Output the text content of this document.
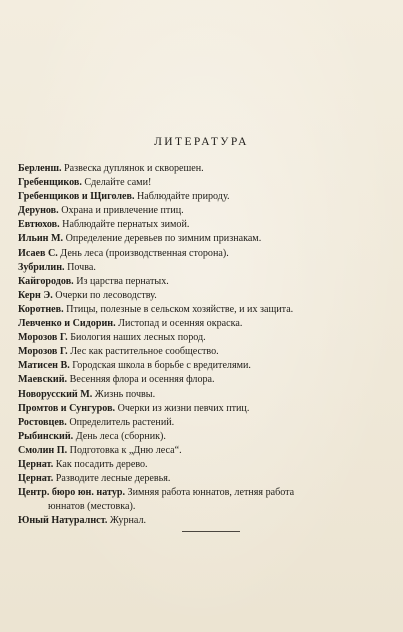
ЛИТЕРАТУРА
Берленш. Развеска дуплянок и скворешен.
Гребенщиков. Сделайте сами!
Гребенщиков и Щиголев. Наблюдайте природу.
Дерунов. Охрана и привлечение птиц.
Евтюхов. Наблюдайте пернатых зимой.
Ильин М. Определение деревьев по зимним признакам.
Исаев С. День леса (производственная сторона).
Зубрилин. Почва.
Кайгородов. Из царства пернатых.
Керн Э. Очерки по лесоводству.
Коротнев. Птицы, полезные в сельском хозяйстве, и их защита.
Левченко и Сидорин. Листопад и осенняя окраска.
Морозов Г. Биология наших лесных пород.
Морозов Г. Лес как растительное сообщество.
Матисен В. Городская школа в борьбе с вредителями.
Маевский. Весенняя флора и осенняя флора.
Новорусский М. Жизнь почвы.
Промтов и Сунгуров. Очерки из жизни певчих птиц.
Ростовцев. Определитель растений.
Рыбинский. День леса (сборник).
Смолин П. Подготовка к „Дню леса“.
Цернат. Как посадить дерево.
Цернат. Разводите лесные деревья.
Центр. бюро юн. натур. Зимняя работа юннатов, летняя работа
юннатов (местовка).
Юный Натуралнст. Журнал.
